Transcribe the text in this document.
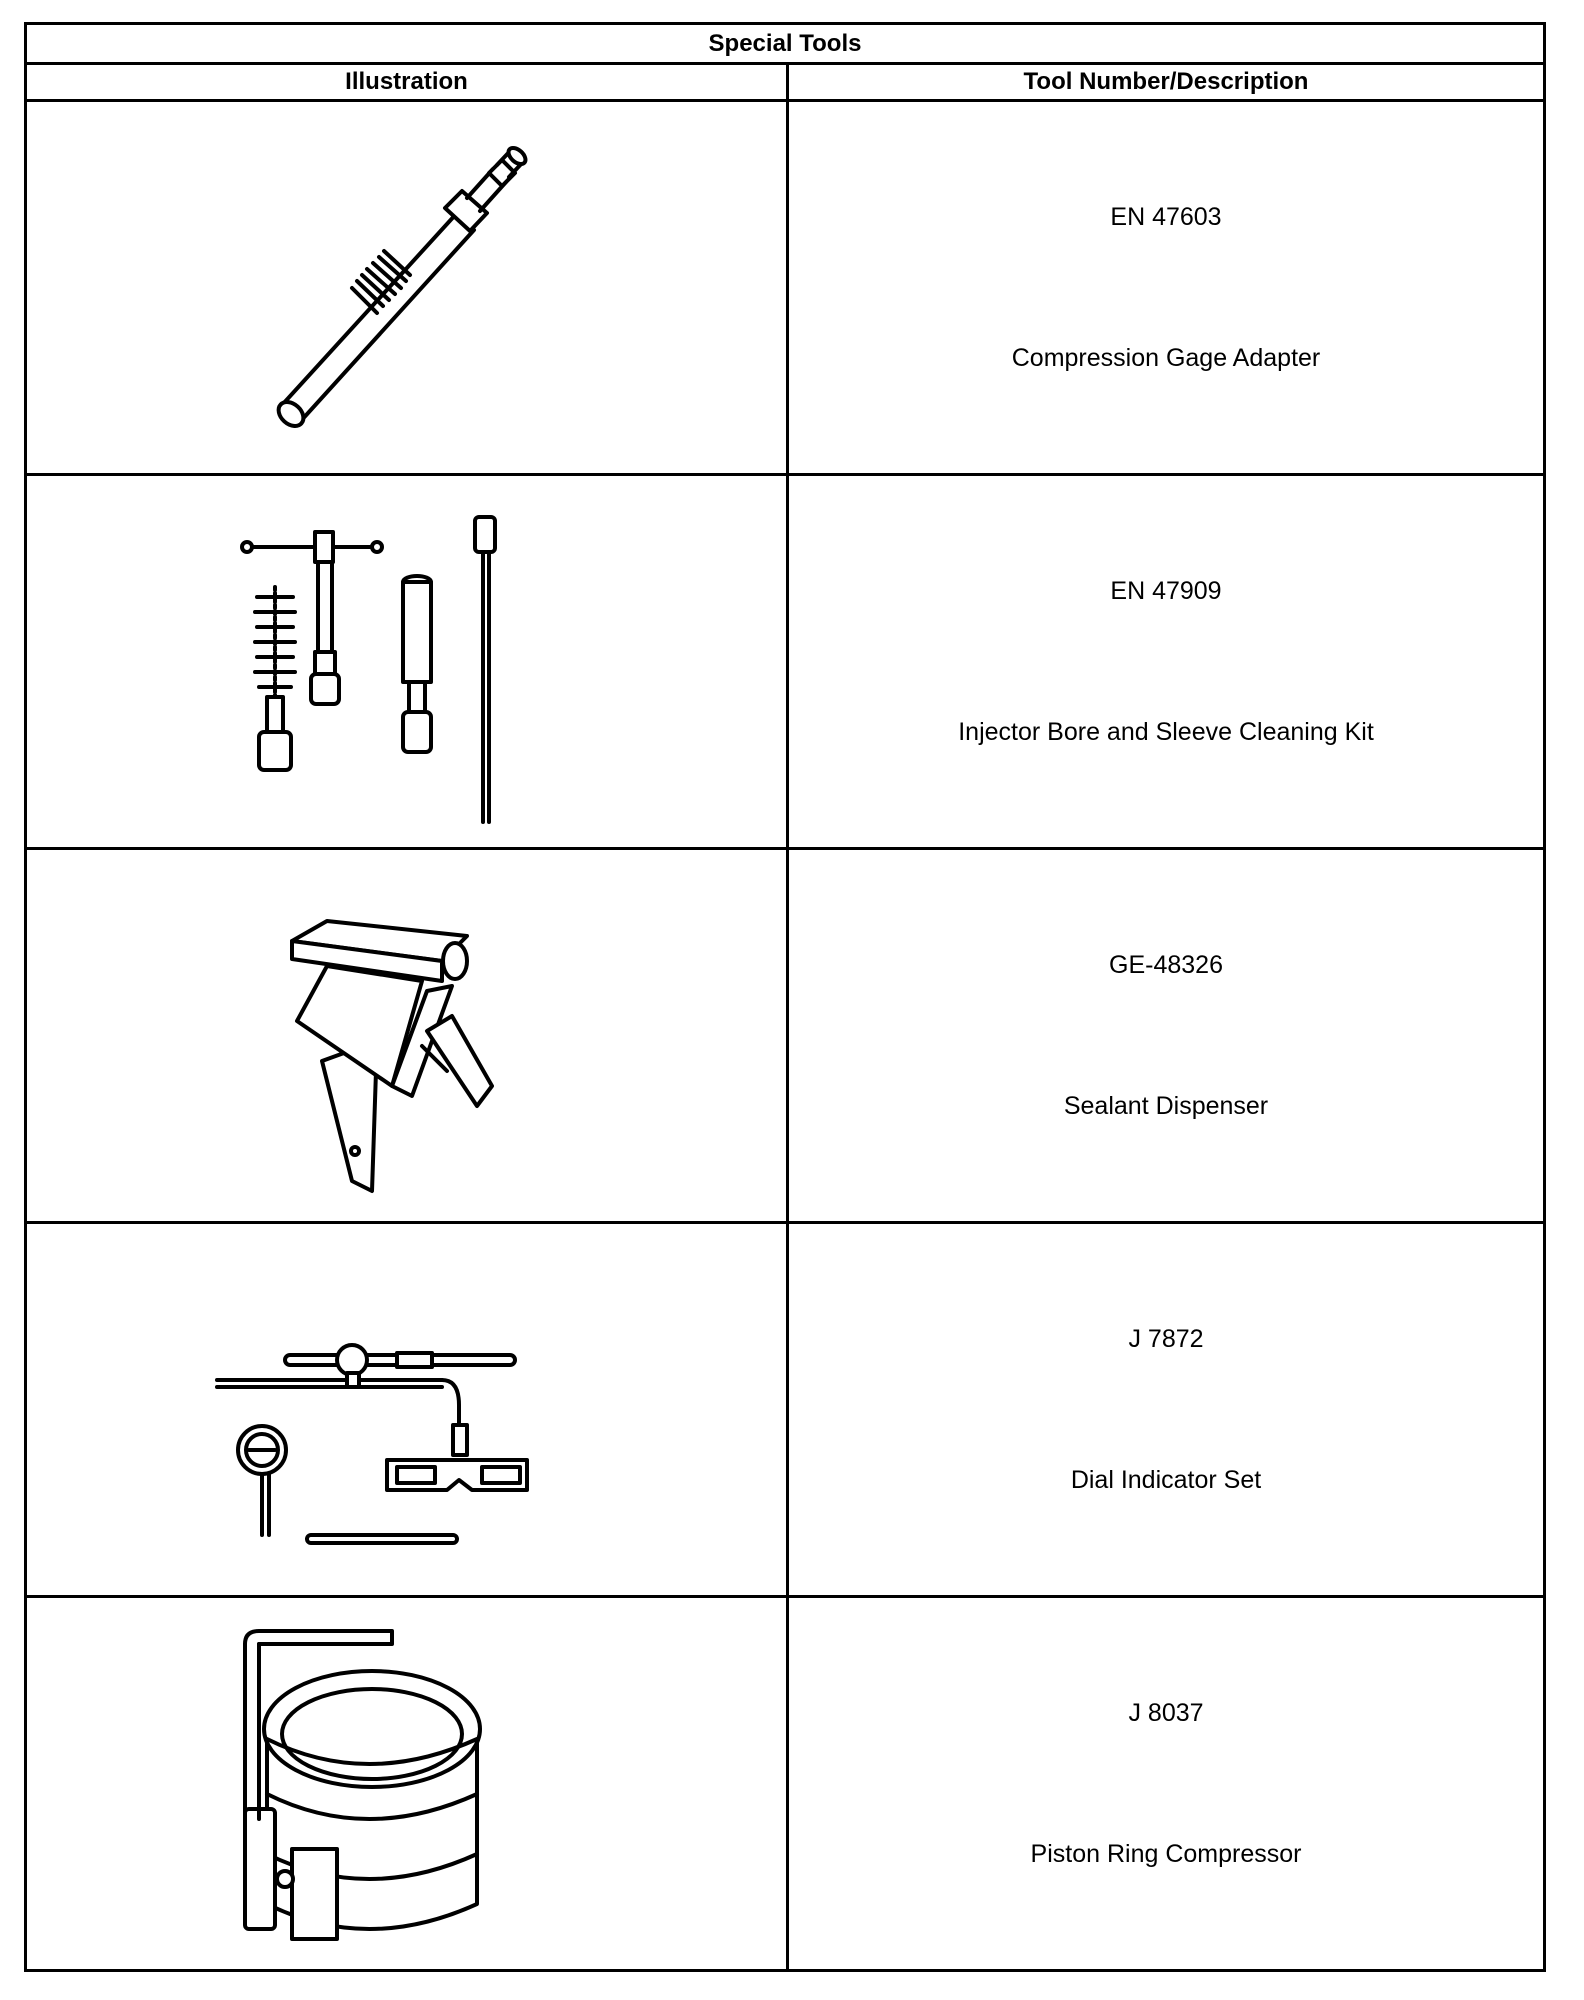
Special Tools
Illustration	Tool Number/Description
EN 47603
Compression Gage Adapter
EN 47909
Injector Bore and Sleeve Cleaning Kit
GE-48326
Sealant Dispenser
J 7872
Dial Indicator Set
J 8037
Piston Ring Compressor
